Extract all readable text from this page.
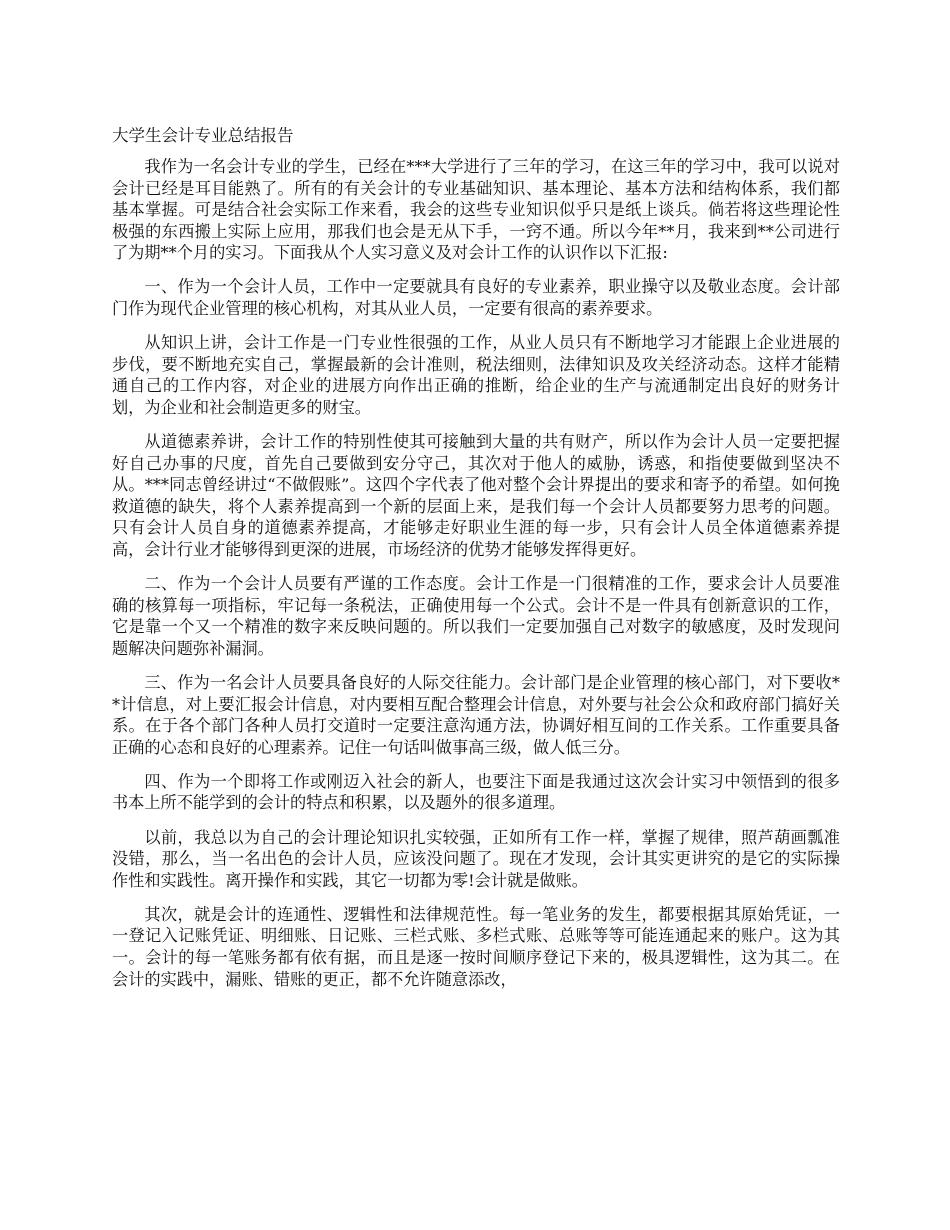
大学生会计专业总结报告

我作为一名会计专业的学生，已经在***大学进行了三年的学习，在这三年的学习中，我可以说对会计已经是耳目能熟了。所有的有关会计的专业基础知识、基本理论、基本方法和结构体系，我们都基本掌握。可是结合社会实际工作来看，我会的这些专业知识似乎只是纸上谈兵。倘若将这些理论性极强的东西搬上实际上应用，那我们也会是无从下手，一窍不通。所以今年**月，我来到**公司进行了为期**个月的实习。下面我从个人实习意义及对会计工作的认识作以下汇报:

一、作为一个会计人员，工作中一定要就具有良好的专业素养，职业操守以及敬业态度。会计部门作为现代企业管理的核心机构，对其从业人员，一定要有很高的素养要求。

从知识上讲，会计工作是一门专业性很强的工作，从业人员只有不断地学习才能跟上企业进展的步伐，要不断地充实自己，掌握最新的会计准则，税法细则，法律知识及攻关经济动态。这样才能精通自己的工作内容，对企业的进展方向作出正确的推断，给企业的生产与流通制定出良好的财务计划，为企业和社会制造更多的财宝。

从道德素养讲，会计工作的特别性使其可接触到大量的共有财产，所以作为会计人员一定要把握好自己办事的尺度，首先自己要做到安分守己，其次对于他人的威胁，诱惑，和指使要做到坚决不从。***同志曾经讲过“不做假账”。这四个字代表了他对整个会计界提出的要求和寄予的希望。如何挽救道德的缺失，将个人素养提高到一个新的层面上来，是我们每一个会计人员都要努力思考的问题。只有会计人员自身的道德素养提高，才能够走好职业生涯的每一步，只有会计人员全体道德素养提高，会计行业才能够得到更深的进展，市场经济的优势才能够发挥得更好。

二、作为一个会计人员要有严谨的工作态度。会计工作是一门很精准的工作，要求会计人员要准确的核算每一项指标，牢记每一条税法，正确使用每一个公式。会计不是一件具有创新意识的工作，它是靠一个又一个精准的数字来反映问题的。所以我们一定要加强自己对数字的敏感度，及时发现问题解决问题弥补漏洞。

三、作为一名会计人员要具备良好的人际交往能力。会计部门是企业管理的核心部门，对下要收**计信息，对上要汇报会计信息，对内要相互配合整理会计信息，对外要与社会公众和政府部门搞好关系。在于各个部门各种人员打交道时一定要注意沟通方法，协调好相互间的工作关系。工作重要具备正确的心态和良好的心理素养。记住一句话叫做事高三级，做人低三分。

四、作为一个即将工作或刚迈入社会的新人，也要注下面是我通过这次会计实习中领悟到的很多书本上所不能学到的会计的特点和积累，以及题外的很多道理。

以前，我总以为自己的会计理论知识扎实较强，正如所有工作一样，掌握了规律，照芦葫画瓢准没错，那么，当一名出色的会计人员，应该没问题了。现在才发现，会计其实更讲究的是它的实际操作性和实践性。离开操作和实践，其它一切都为零!会计就是做账。

其次，就是会计的连通性、逻辑性和法律规范性。每一笔业务的发生，都要根据其原始凭证，一一登记入记账凭证、明细账、日记账、三栏式账、多栏式账、总账等等可能连通起来的账户。这为其一。会计的每一笔账务都有依有据，而且是逐一按时间顺序登记下来的，极具逻辑性，这为其二。在会计的实践中，漏账、错账的更正，都不允许随意添改，
